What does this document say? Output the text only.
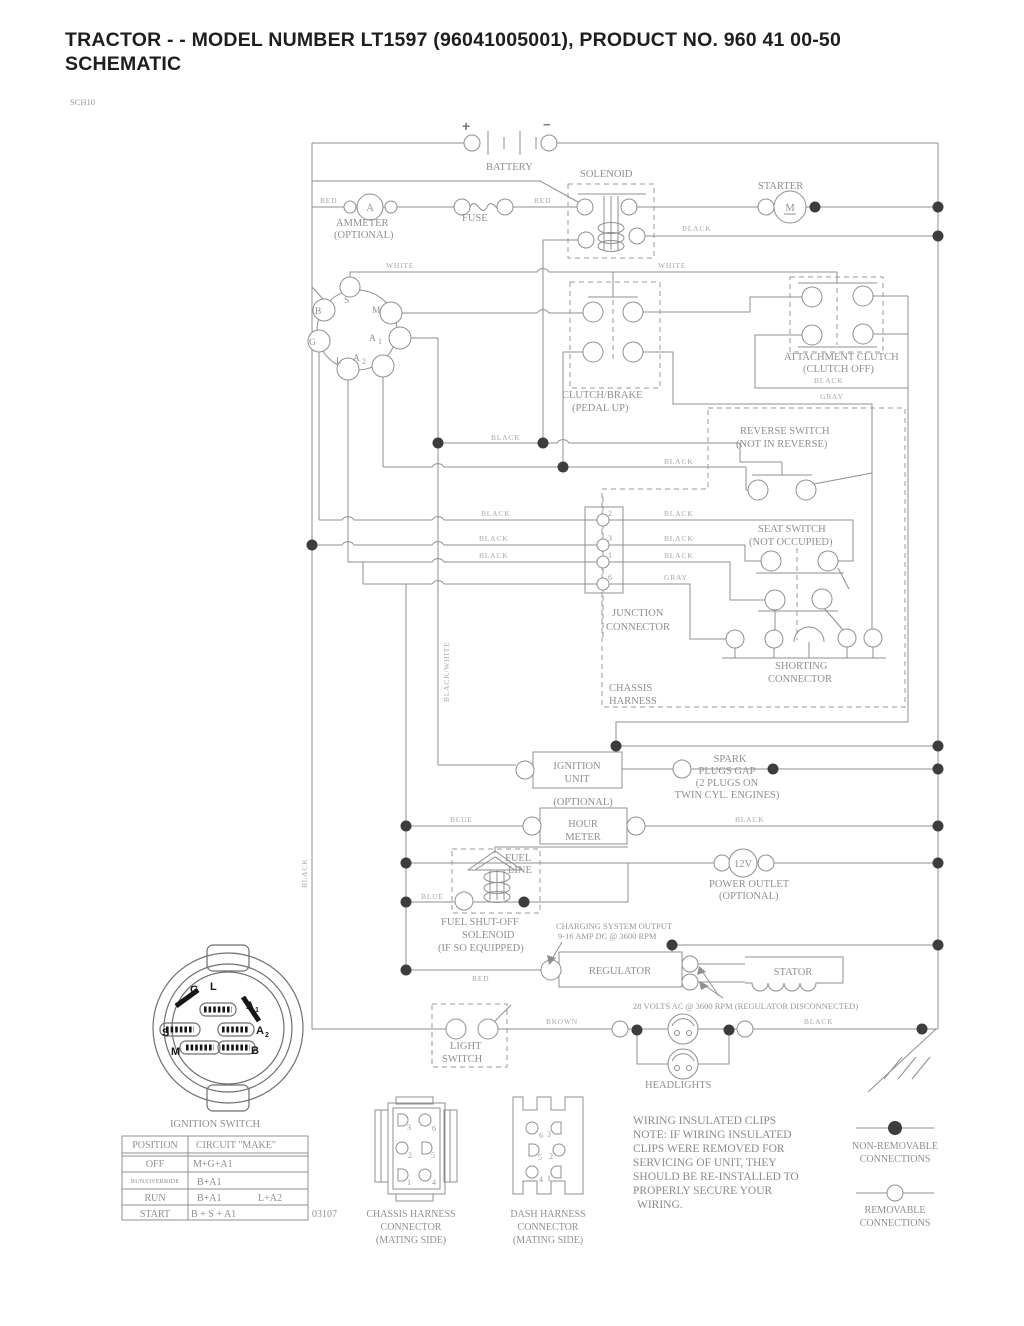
TRACTOR - - MODEL NUMBER LT1597 (96041005001), PRODUCT NO. 960 41 00-50
SCHEMATIC
SCH10
+	−
BATTERY
A
AMMETER
(OPTIONAL)
RED
FUSE
RED
SOLENOID
BLACK
M
STARTER
S
B	M
G	A 1
L A 2
WHITE	WHITE
BLACK
BLACK
BLACK	BLACK
BLACK	BLACK
BLACK	BLACK
GRAY
BLACK
GRAY
BLACK/WHITE
BLACK
BLUE	BLACK
BLUE
RED
BROWN	BLACK
CLUTCH/BRAKE
(PEDAL UP)
ATTACHMENT CLUTCH
(CLUTCH OFF)
REVERSE SWITCH
(NOT IN REVERSE)
SEAT SWITCH
(NOT OCCUPIED)
2
3
1
6
JUNCTION
CONNECTOR
CHASSIS
HARNESS
SHORTING
CONNECTOR
IGNITION
UNIT
SPARK
PLUGS GAP
(2 PLUGS ON
TWIN CYL. ENGINES)
(OPTIONAL)
HOUR
METER
FUEL
LINE
FUEL SHUT-OFF
SOLENOID
(IF SO EQUIPPED)
12V
POWER OUTLET
(OPTIONAL)
REGULATOR
CHARGING SYSTEM OUTPUT
9-16 AMP DC @ 3600 RPM
STATOR
28 VOLTS AC @ 3600 RPM (REGULATOR DISCONNECTED)
LIGHT
SWITCH
HEADLIGHTS
G L
A 1
A 2
S
B
M
IGNITION SWITCH
POSITION CIRCUIT "MAKE"
OFF	M+G+A1
RUN/OVERRIDE B+A1
RUN	B+A1	L+A2
START B + S + A1	03107
3	6
2 5
1	4
CHASSIS HARNESS
CONNECTOR
(MATING SIDE)
6 3
5 2
4 1
DASH HARNESS
CONNECTOR
(MATING SIDE)
WIRING INSULATED CLIPS
NOTE: IF WIRING INSULATED
CLIPS WERE REMOVED FOR
SERVICING OF UNIT, THEY
SHOULD BE RE-INSTALLED TO
PROPERLY SECURE YOUR
WIRING.
NON-REMOVABLE
CONNECTIONS
REMOVABLE
CONNECTIONS
